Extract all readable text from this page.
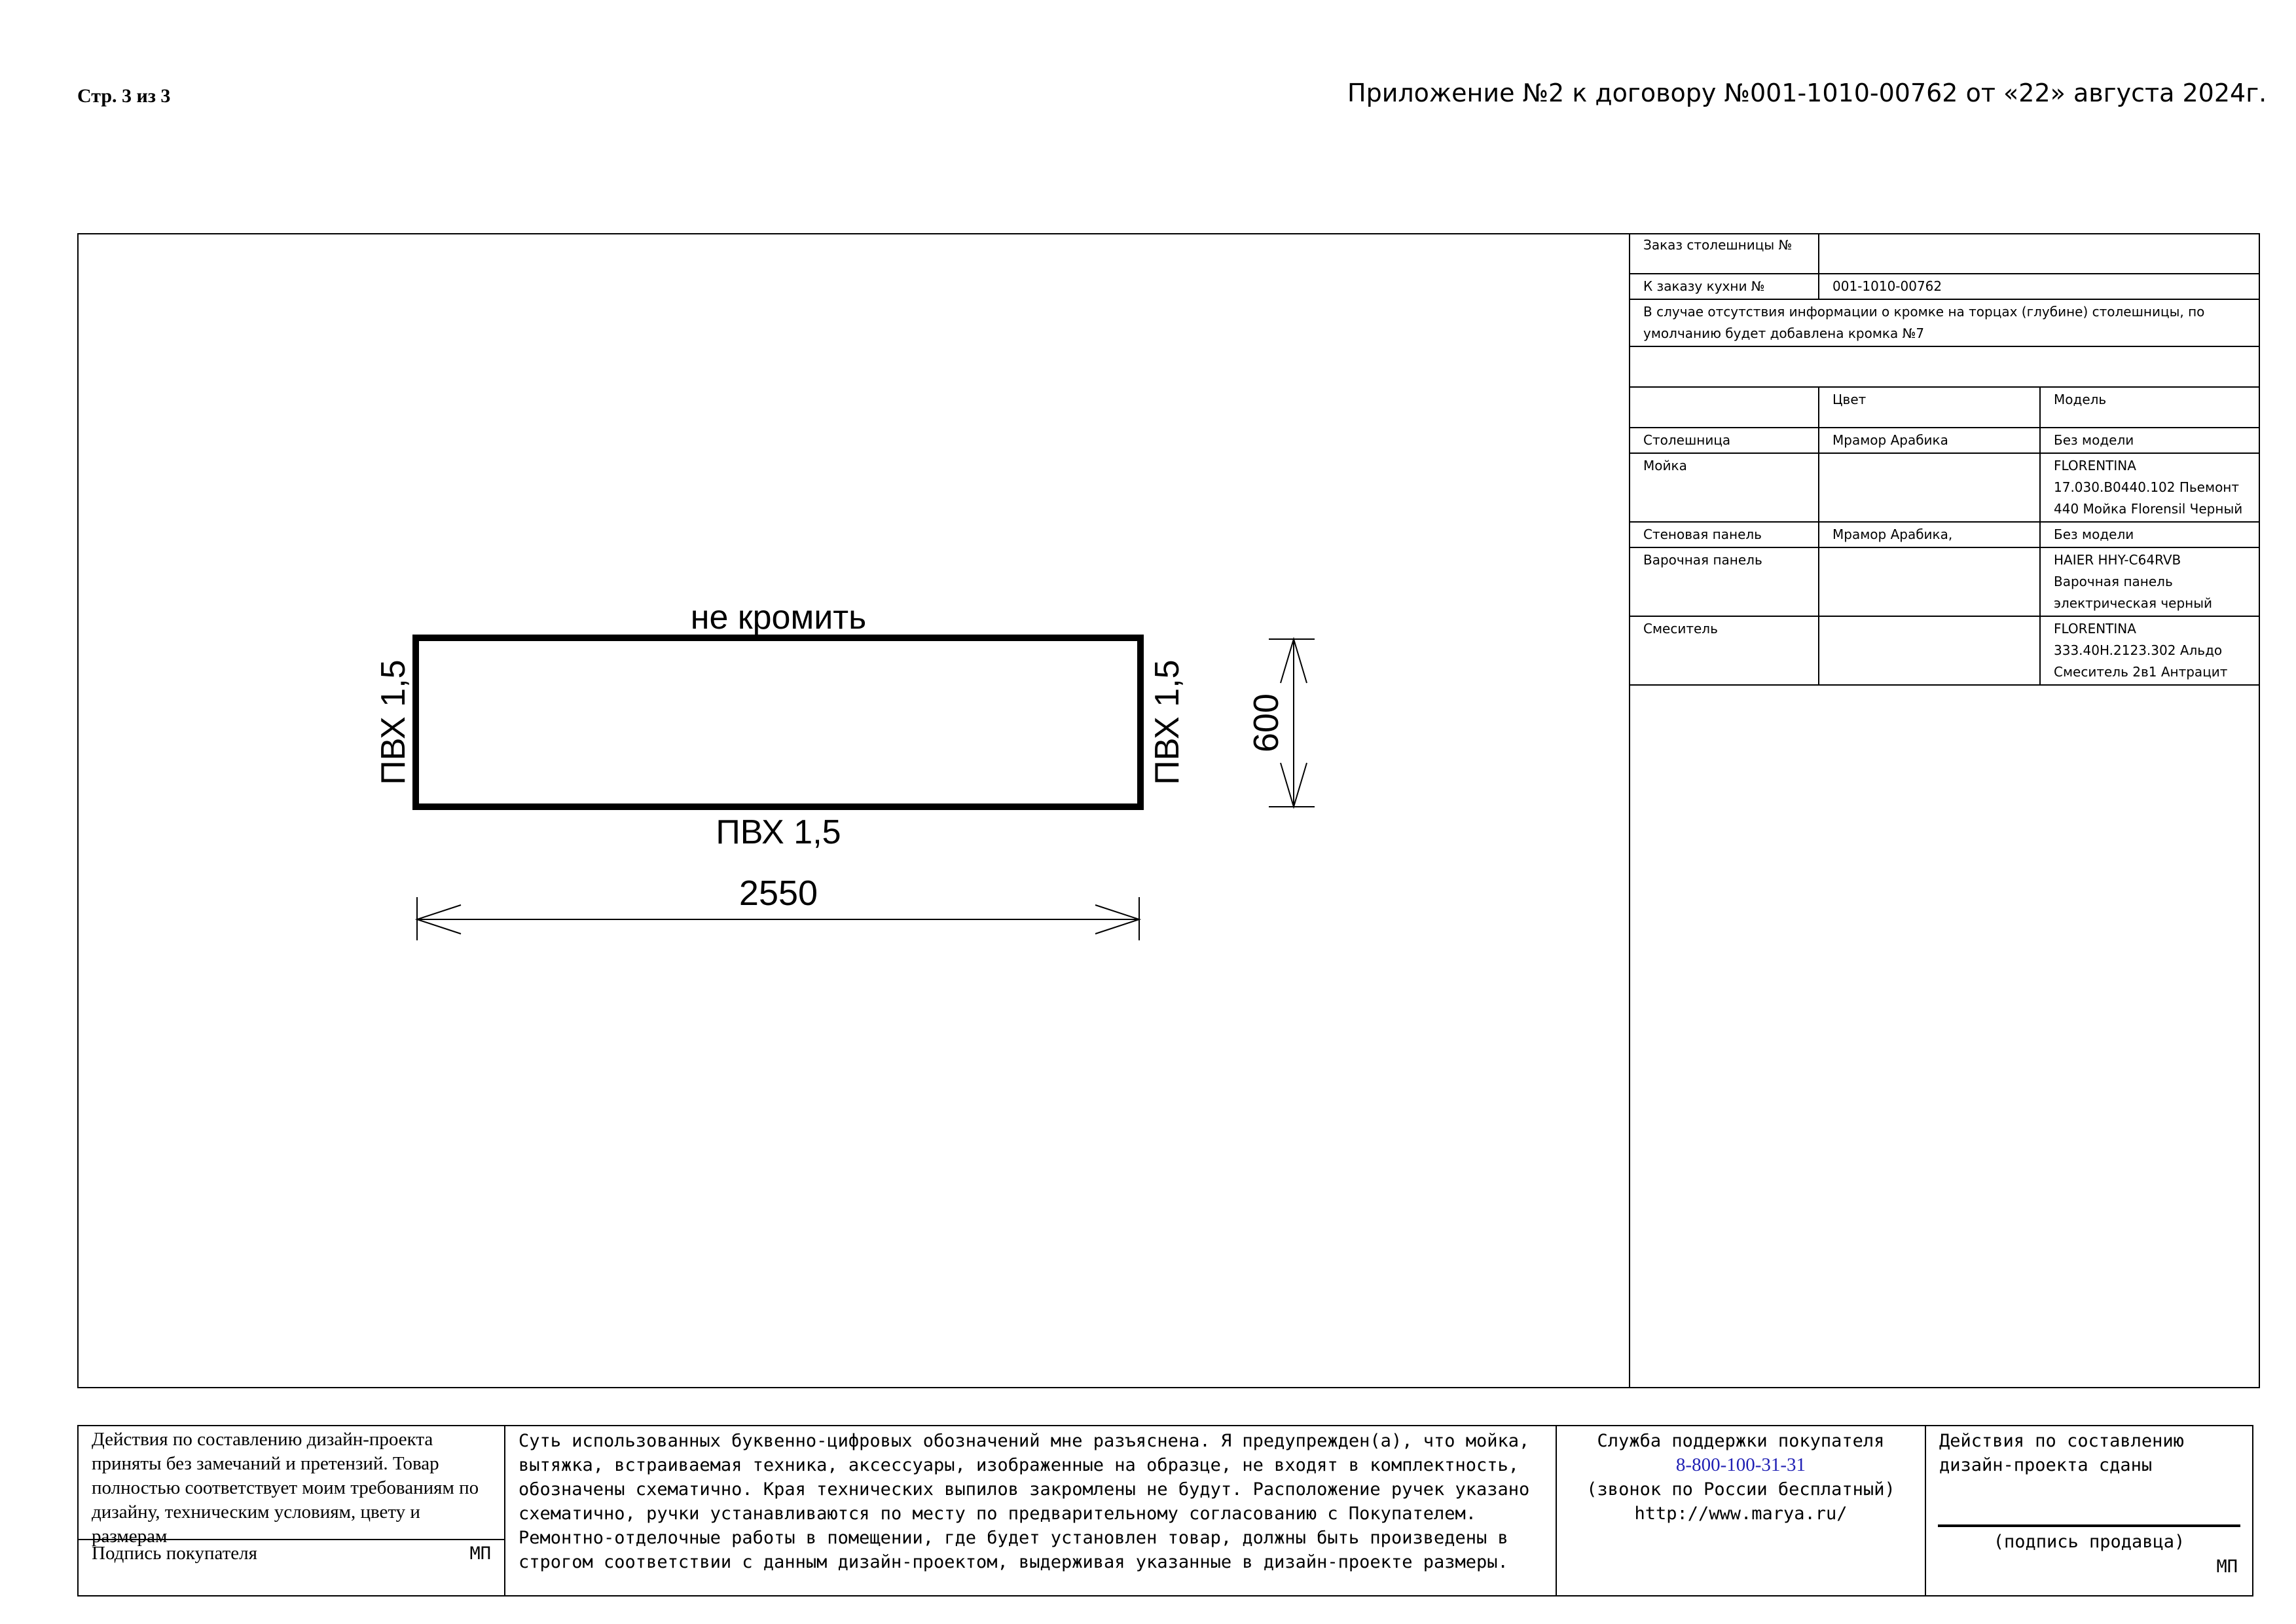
Стр. 3 из 3	Приложение №2 к договору №001-1010-00762 от «22» августа 2024г.
не кромить
ПВХ 1,5	ПВХ 1,5
ПВХ 1,5
2550
600
Заказ столешницы №		
К заказу кухни №	001-1010-00762	
В случае отсутствия информации о кромке на торцах (глубине) столешницы, по умолчанию будет добавлена кромка №7		

	Цвет	Модель
Столешница	Мрамор Арабика	Без модели
Мойка		FLORENTINA 17.030.B0440.102 Пьемонт 440 Мойка Florensil Черный
Стеновая панель	Мрамор Арабика,	Без модели
Варочная панель		HAIER HHY-C64RVB Варочная панель электрическая черный
Смеситель		FLORENTINA 333.40H.2123.302 Альдо Смеситель 2в1 Антрацит
Действия по составлению дизайн-проекта приняты без замечаний и претензий. Товар полностью соответствует моим требованиям по дизайну, техническим условиям, цвету и размерам
Подпись покупателя	МП

Суть использованных буквенно-цифровых обозначений мне разъяснена. Я предупрежден(а), что мойка, вытяжка, встраиваемая техника, аксессуары, изображенные на образце, не входят в комплектность, обозначены схематично. Края технических выпилов закромлены не будут. Расположение ручек указано схематично, ручки устанавливаются по месту по предварительному согласованию с Покупателем. Ремонтно-отделочные работы в помещении, где будет установлен товар, должны быть произведены в строгом соответствии с данным дизайн-проектом, выдерживая указанные в дизайн-проекте размеры.

Служба поддержки покупателя
8-800-100-31-31
(звонок по России бесплатный)
http://www.marya.ru/

Действия по составлению дизайн-проекта сданы
(подпись продавца)
МП
